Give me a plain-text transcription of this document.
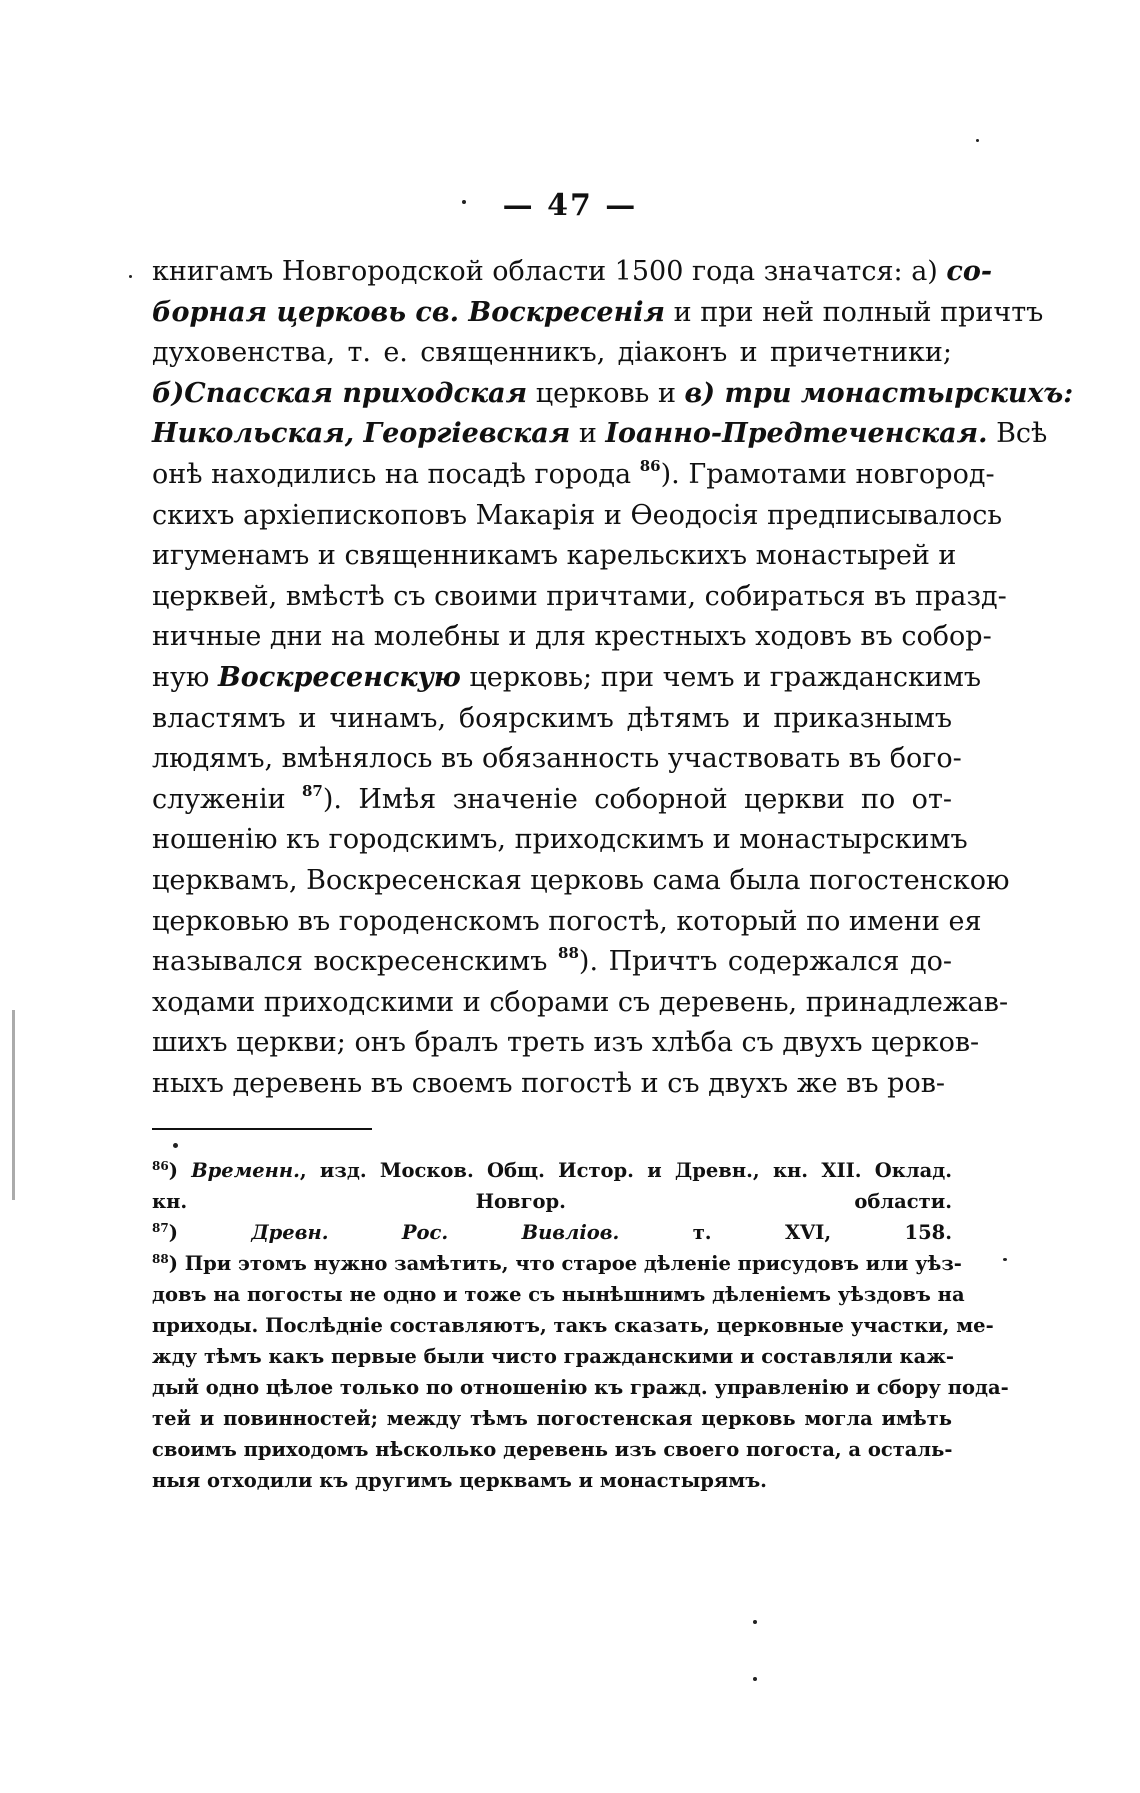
— 47 —
книгамъ Новгородской области 1500 года значатся: а) со-
борная церковь св. Воскресенія и при ней полный причтъ
духовенства, т. е. священникъ, діаконъ и причетники;
б)Спасская приходская церковь и в) три монастырскихъ:
Никольская, Георгіевская и Іоанно-Предтеченская. Всѣ
онѣ находились на посадѣ города $^{86}$). Грамотами новгород-
скихъ архіепископовъ Макарія и Ѳеодосія предписывалось
игуменамъ и священникамъ карельскихъ монастырей и
церквей, вмѣстѣ съ своими причтами, собираться въ празд-
ничные дни на молебны и для крестныхъ ходовъ въ собор-
ную Воскресенскую церковь; при чемъ и гражданскимъ
властямъ и чинамъ, боярскимъ дѣтямъ и приказнымъ
людямъ, вмѣнялось въ обязанность участвовать въ бого-
служеніи $^{87}$). Имѣя значеніе соборной церкви по от-
ношенію къ городскимъ, приходскимъ и монастырскимъ
церквамъ, Воскресенская церковь сама была погостенскою
церковью въ городенскомъ погостѣ, который по имени ея
назывался воскресенскимъ $^{88}$). Причтъ содержался до-
ходами приходскими и сборами съ деревень, принадлежав-
шихъ церкви; онъ бралъ треть изъ хлѣба съ двухъ церков-
ныхъ деревень въ своемъ погостѣ и съ двухъ же въ ров-
$^{86}$) Временн., изд. Москов. Общ. Истор. и Древн., кн. XII. Оклад.
кн. Новгор. области.
$^{87}$) Древн. Рос. Вивліов. т. XVI, 158.
$^{88}$) При этомъ нужно замѣтить, что старое дѣленіе присудовъ или уѣз-
довъ на погосты не одно и тоже съ нынѣшнимъ дѣленіемъ уѣздовъ на
приходы. Послѣдніе составляютъ, такъ сказать, церковные участки, ме-
жду тѣмъ какъ первые были чисто гражданскими и составляли каж-
дый одно цѣлое только по отношенію къ гражд. управленію и сбору пода-
тей и повинностей; между тѣмъ погостенская церковь могла имѣть
своимъ приходомъ нѣсколько деревень изъ своего погоста, а осталь-
ныя отходили къ другимъ церквамъ и монастырямъ.
